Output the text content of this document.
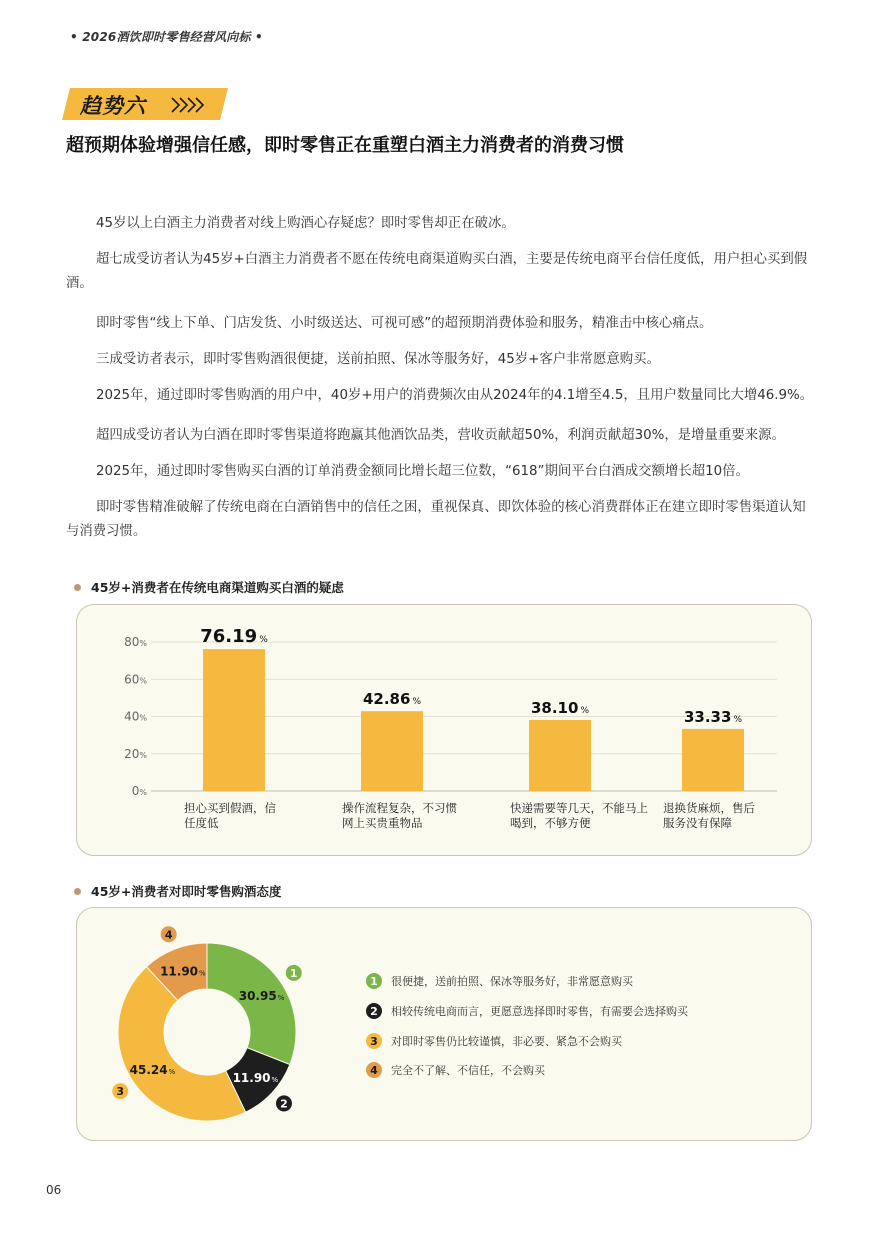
• 2026酒饮即时零售经营风向标 •
趋势六
超预期体验增强信任感，即时零售正在重塑白酒主力消费者的消费习惯

45岁以上白酒主力消费者对线上购酒心存疑虑？即时零售却正在破冰。

超七成受访者认为45岁+白酒主力消费者不愿在传统电商渠道购买白酒，主要是传统电商平台信任度低，用户担心买到假酒。

即时零售“线上下单、门店发货、小时级送达、可视可感”的超预期消费体验和服务，精准击中核心痛点。

三成受访者表示，即时零售购酒很便捷，送前拍照、保冰等服务好，45岁+客户非常愿意购买。

2025年，通过即时零售购酒的用户中，40岁+用户的消费频次由从2024年的4.1增至4.5，且用户数量同比大增46.9%。

超四成受访者认为白酒在即时零售渠道将跑赢其他酒饮品类，营收贡献超50%，利润贡献超30%，是增量重要来源。

2025年，通过即时零售购买白酒的订单消费金额同比增长超三位数，“618”期间平台白酒成交额增长超10倍。

即时零售精准破解了传统电商在白酒销售中的信任之困，重视保真、即饮体验的核心消费群体正在建立即时零售渠道认知与消费习惯。

45岁+消费者在传统电商渠道购买白酒的疑虑
0%
20%
40%
60%
80%	76.19 %
担心买到假酒，信
任度低
42.86 %
操作流程复杂，不习惯
网上买贵重物品
38.10 %
快递需要等几天，不能马上
喝到，不够方便
33.33 %
退换货麻烦，售后
服务没有保障
45岁+消费者对即时零售购酒态度
30.95%
1
11.90%
2
45.24%
3
11.90%
4
1	很便捷，送前拍照、保冰等服务好，非常愿意购买
2	相较传统电商而言，更愿意选择即时零售，有需要会选择购买
3	对即时零售仍比较谨慎，非必要、紧急不会购买
4	完全不了解、不信任，不会购买
06
